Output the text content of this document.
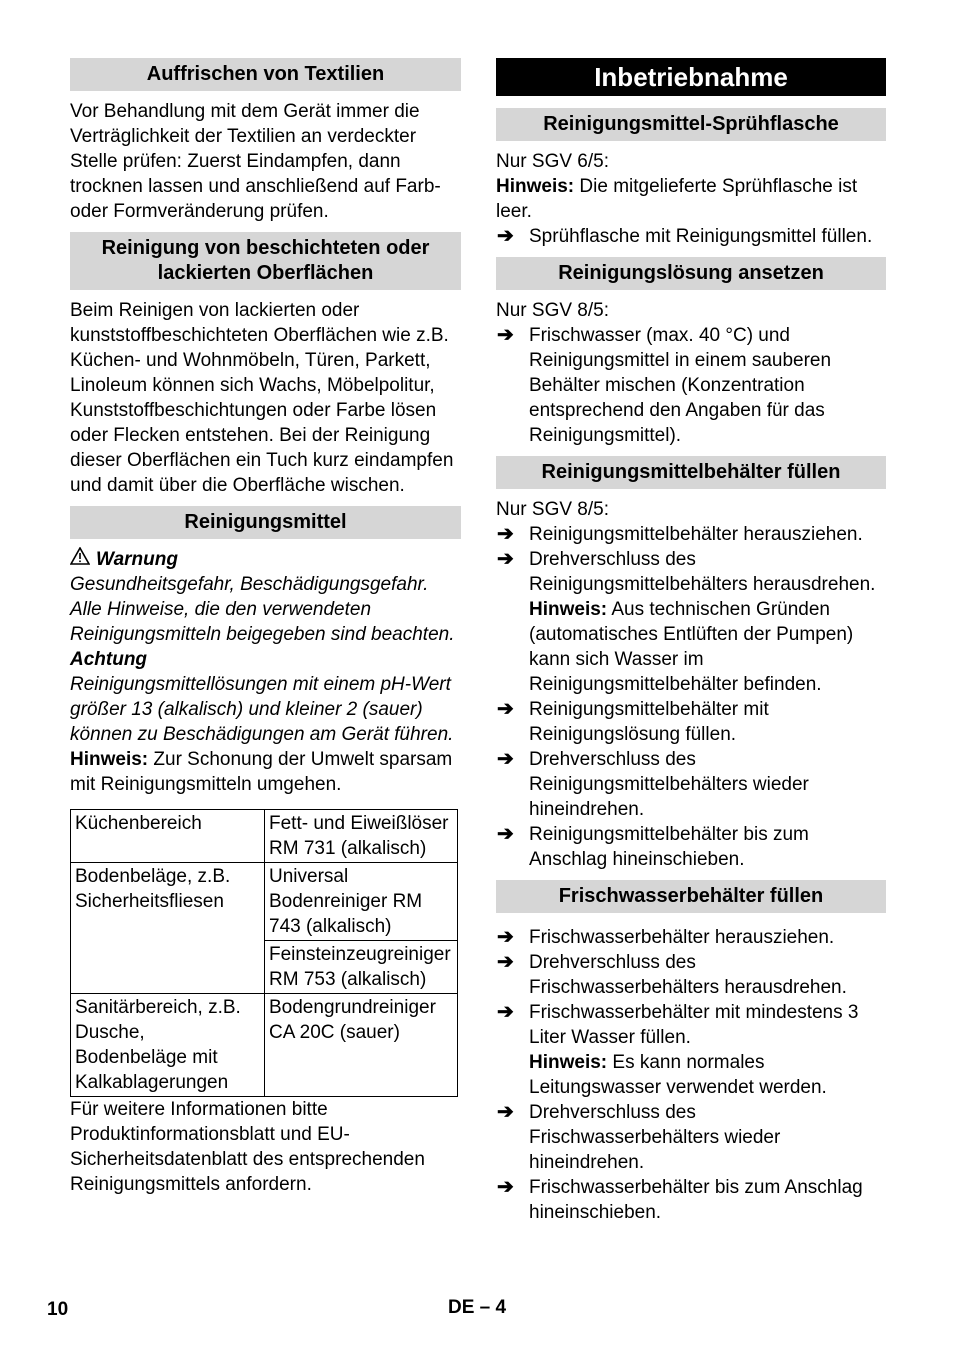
Auffrischen von Textilien

Vor Behandlung mit dem Gerät immer die Verträglichkeit der Textilien an verdeckter Stelle prüfen: Zuerst Eindampfen, dann trocknen lassen und anschließend auf Farb- oder Formveränderung prüfen.

Reinigung von beschichteten oder lackierten Oberflächen

Beim Reinigen von lackierten oder kunststoffbeschichteten Oberflächen wie z.B. Küchen- und Wohnmöbeln, Türen, Parkett, Linoleum können sich Wachs, Möbelpolitur, Kunststoffbeschichtungen oder Farbe lösen oder Flecken entstehen. Bei der Reinigung dieser Oberflächen ein Tuch kurz eindampfen und damit über die Oberfläche wischen.

Reinigungsmittel
Warnung

Gesundheitsgefahr, Beschädigungsgefahr. Alle Hinweise, die den verwendeten Reinigungsmitteln beigegeben sind beachten.

Achtung

Reinigungsmittellösungen mit einem pH-Wert größer 13 (alkalisch) und kleiner 2 (sauer) können zu Beschädigungen am Gerät führen.

Hinweis: Zur Schonung der Umwelt sparsam mit Reinigungsmitteln umgehen.

Küchenbereich	Fett- und Eiweißlöser RM 731 (alkalisch)
Bodenbeläge, z.B. Sicherheitsfliesen	Universal Bodenreiniger RM 743 (alkalisch)
	Feinsteinzeugreiniger RM 753 (alkalisch)
Sanitärbereich, z.B. Dusche, Bodenbeläge mit Kalkablagerungen	Bodengrundreiniger CA 20C (sauer)

Für weitere Informationen bitte Produktinformationsblatt und EU-Sicherheitsdatenblatt des entsprechenden Reinigungsmittels anfordern.

Inbetriebnahme
Reinigungsmittel-Sprühflasche

Nur SGV 6/5:

Hinweis: Die mitgelieferte Sprühflasche ist leer.

➔ Sprühflasche mit Reinigungsmittel füllen.
Reinigungslösung ansetzen

Nur SGV 8/5:

➔ Frischwasser (max. 40 °C) und Reinigungsmittel in einem sauberen Behälter mischen (Konzentration entsprechend den Angaben für das Reinigungsmittel).
Reinigungsmittelbehälter füllen

Nur SGV 8/5:

➔ Reinigungsmittelbehälter herausziehen.
➔ Drehverschluss des Reinigungsmittelbehälters herausdrehen.
Hinweis: Aus technischen Gründen (automatisches Entlüften der Pumpen) kann sich Wasser im Reinigungsmittelbehälter befinden.
➔ Reinigungsmittelbehälter mit Reinigungslösung füllen.
➔ Drehverschluss des Reinigungsmittelbehälters wieder hineindrehen.
➔ Reinigungsmittelbehälter bis zum Anschlag hineinschieben.
Frischwasserbehälter füllen
➔ Frischwasserbehälter herausziehen.
➔ Drehverschluss des Frischwasserbehälters herausdrehen.
➔ Frischwasserbehälter mit mindestens 3 Liter Wasser füllen.
Hinweis: Es kann normales Leitungswasser verwendet werden.
➔ Drehverschluss des Frischwasserbehälters wieder hineindrehen.
➔ Frischwasserbehälter bis zum Anschlag hineinschieben.
10	DE – 4
